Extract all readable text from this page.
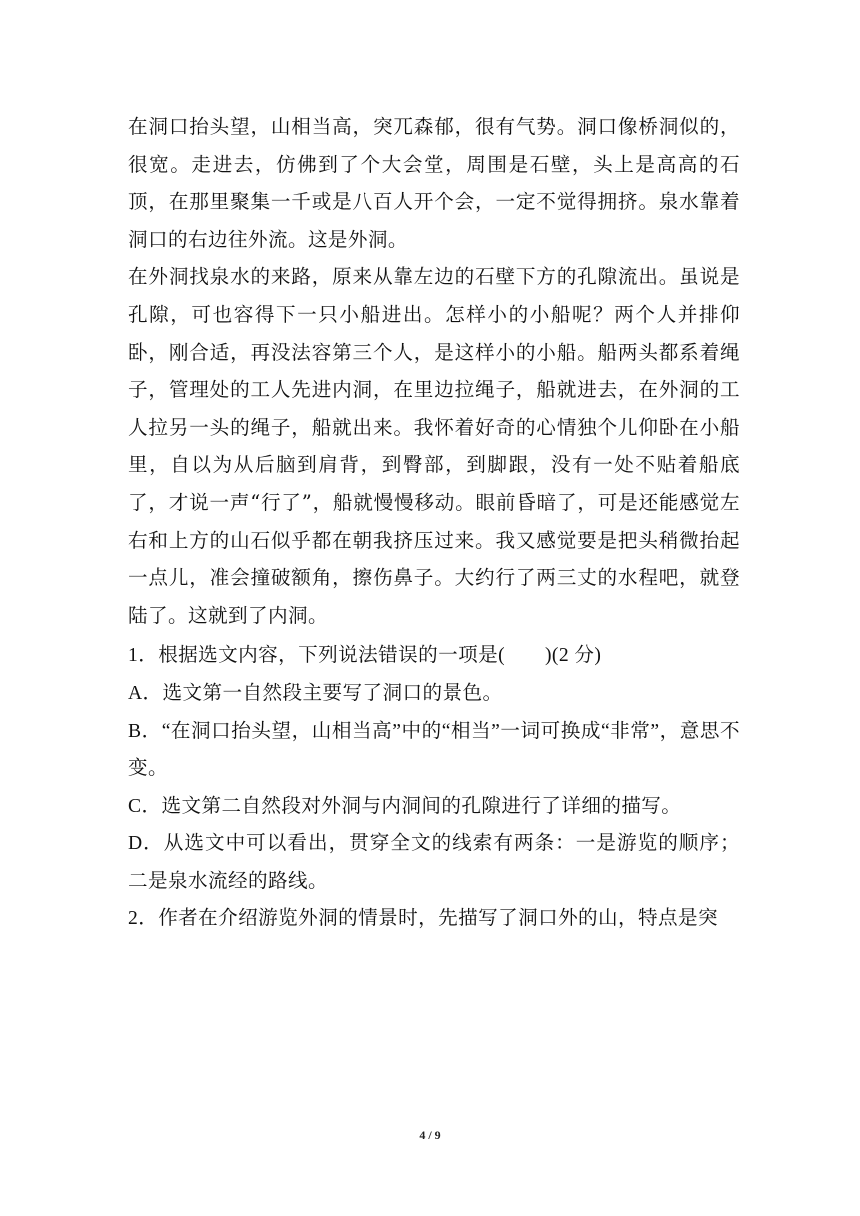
在洞口抬头望，山相当高，突兀森郁，很有气势。洞口像桥洞似的，很宽。走进去，仿佛到了个大会堂，周围是石壁，头上是高高的石顶，在那里聚集一千或是八百人开个会，一定不觉得拥挤。泉水靠着洞口的右边往外流。这是外洞。

在外洞找泉水的来路，原来从靠左边的石壁下方的孔隙流出。虽说是孔隙，可也容得下一只小船进出。怎样小的小船呢？两个人并排仰卧，刚合适，再没法容第三个人，是这样小的小船。船两头都系着绳子，管理处的工人先进内洞，在里边拉绳子，船就进去，在外洞的工人拉另一头的绳子，船就出来。我怀着好奇的心情独个儿仰卧在小船里，自以为从后脑到肩背，到臀部，到脚跟，没有一处不贴着船底了，才说一声“行了”，船就慢慢移动。眼前昏暗了，可是还能感觉左右和上方的山石似乎都在朝我挤压过来。我又感觉要是把头稍微抬起一点儿，准会撞破额角，擦伤鼻子。大约行了两三丈的水程吧，就登陆了。这就到了内洞。

1．根据选文内容，下列说法错误的一项是(　　)(2 分)

A．选文第一自然段主要写了洞口的景色。

B．“在洞口抬头望，山相当高”中的“相当”一词可换成“非常”，意思不变。

C．选文第二自然段对外洞与内洞间的孔隙进行了详细的描写。

D．从选文中可以看出，贯穿全文的线索有两条：一是游览的顺序；二是泉水流经的路线。

2．作者在介绍游览外洞的情景时，先描写了洞口外的山，特点是突

4 / 9
